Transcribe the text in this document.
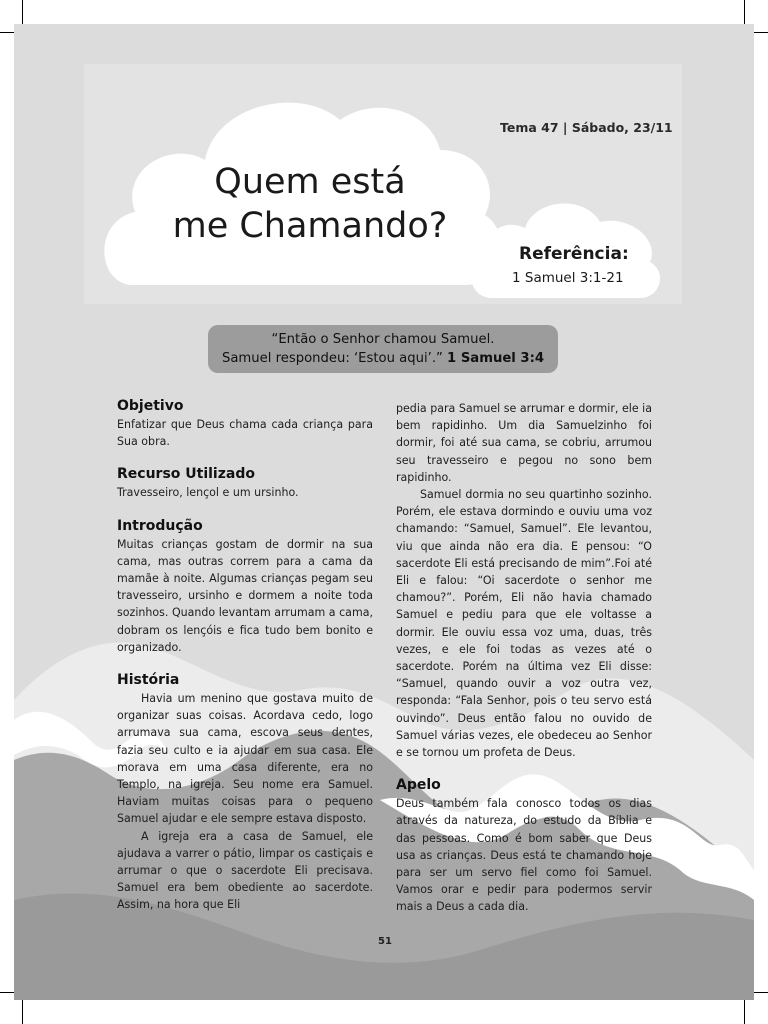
Tema 47 | Sábado, 23/11
Quem está
me Chamando?
Referência:
1 Samuel 3:1-21
“Então o Senhor chamou Samuel.
Samuel respondeu: ‘Estou aqui’.” 1 Samuel 3:4
Objetivo

Enfatizar que Deus chama cada criança para Sua obra.

Recurso Utilizado

Travesseiro, lençol e um ursinho.

Introdução

Muitas crianças gostam de dormir na sua cama, mas outras correm para a cama da mamãe à noite. Algumas crianças pegam seu travesseiro, ursinho e dormem a noite toda sozinhos. Quando levantam arrumam a cama, dobram os lençóis e fica tudo bem bonito e organizado.

História

Havia um menino que gostava muito de organizar suas coisas. Acordava cedo, logo arrumava sua cama, escova seus dentes, fazia seu culto e ia ajudar em sua casa. Ele morava em uma casa diferente, era no Templo, na igreja. Seu nome era Samuel. Haviam muitas coisas para o pequeno Samuel ajudar e ele sempre estava disposto.

A igreja era a casa de Samuel, ele ajudava a varrer o pátio, limpar os castiçais e arrumar o que o sacerdote Eli precisava. Samuel era bem obediente ao sacerdote. Assim, na hora que Eli

pedia para Samuel se arrumar e dormir, ele ia bem rapidinho. Um dia Samuelzinho foi dormir, foi até sua cama, se cobriu, arrumou seu travesseiro e pegou no sono bem rapidinho.

Samuel dormia no seu quartinho sozinho. Porém, ele estava dormindo e ouviu uma voz chamando: “Samuel, Samuel”. Ele levantou, viu que ainda não era dia. E pensou: “O sacerdote Eli está precisando de mim”.Foi até Eli e falou: “Oi sacerdote o senhor me chamou?”. Porém, Eli não havia chamado Samuel e pediu para que ele voltasse a dormir. Ele ouviu essa voz uma, duas, três vezes, e ele foi todas as vezes até o sacerdote. Porém na última vez Eli disse: “Samuel, quando ouvir a voz outra vez, responda: “Fala Senhor, pois o teu servo está ouvindo”. Deus então falou no ouvido de Samuel várias vezes, ele obedeceu ao Senhor e se tornou um profeta de Deus.

Apelo

Deus também fala conosco todos os dias através da natureza, do estudo da Bíblia e das pessoas. Como é bom saber que Deus usa as crianças. Deus está te chamando hoje para ser um servo fiel como foi Samuel. Vamos orar e pedir para podermos servir mais a Deus a cada dia.

51
